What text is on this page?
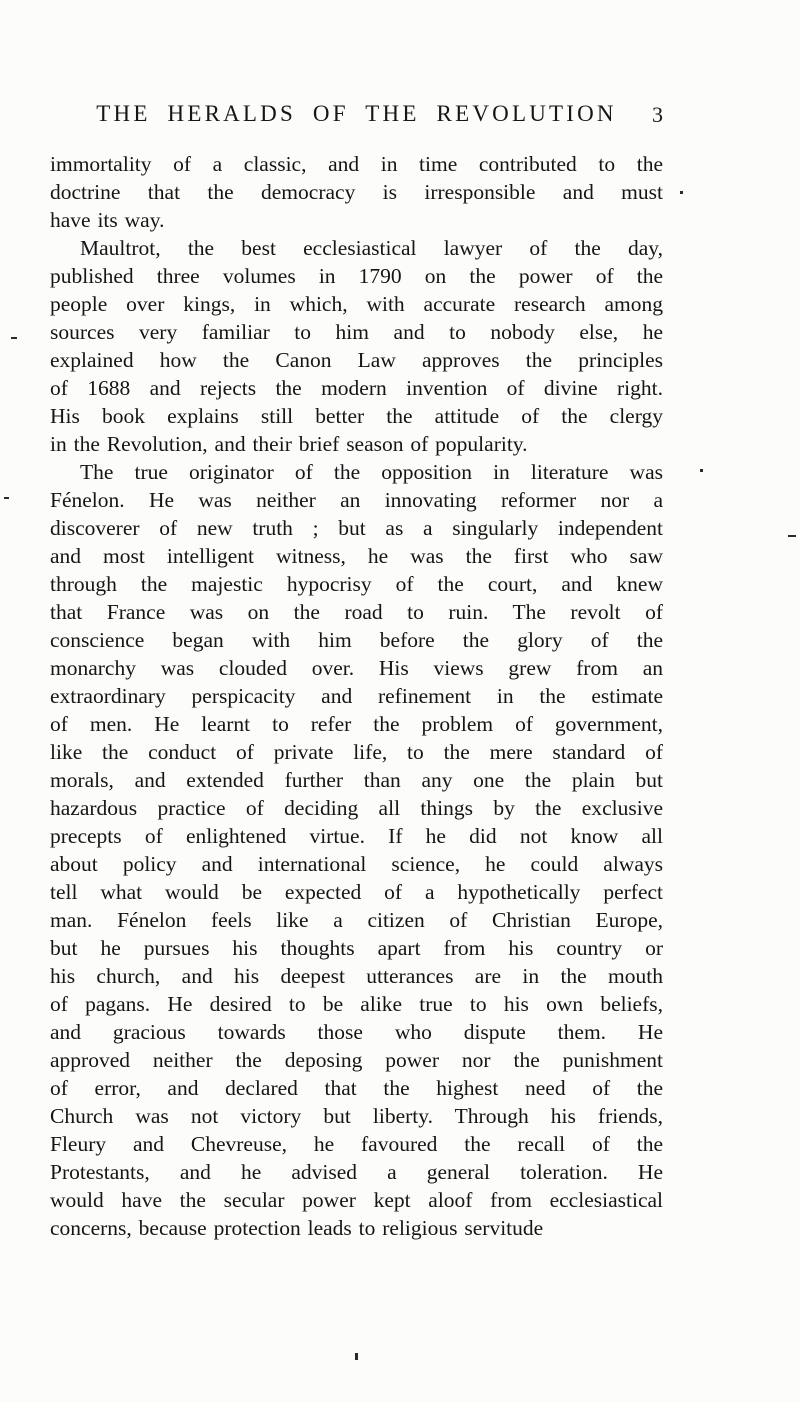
THE HERALDS OF THE REVOLUTION 3
immortality of a classic, and in time contributed to the
doctrine that the democracy is irresponsible and must
have its way.
Maultrot, the best ecclesiastical lawyer of the day,
published three volumes in 1790 on the power of the
people over kings, in which, with accurate research among
sources very familiar to him and to nobody else, he
explained how the Canon Law approves the principles
of 1688 and rejects the modern invention of divine right.
His book explains still better the attitude of the clergy
in the Revolution, and their brief season of popularity.
The true originator of the opposition in literature was
Fénelon. He was neither an innovating reformer nor a
discoverer of new truth ; but as a singularly independent
and most intelligent witness, he was the first who saw
through the majestic hypocrisy of the court, and knew
that France was on the road to ruin. The revolt of
conscience began with him before the glory of the
monarchy was clouded over. His views grew from an
extraordinary perspicacity and refinement in the estimate
of men. He learnt to refer the problem of government,
like the conduct of private life, to the mere standard of
morals, and extended further than any one the plain but
hazardous practice of deciding all things by the exclusive
precepts of enlightened virtue. If he did not know all
about policy and international science, he could always
tell what would be expected of a hypothetically perfect
man. Fénelon feels like a citizen of Christian Europe,
but he pursues his thoughts apart from his country or
his church, and his deepest utterances are in the mouth
of pagans. He desired to be alike true to his own beliefs,
and gracious towards those who dispute them. He
approved neither the deposing power nor the punishment
of error, and declared that the highest need of the
Church was not victory but liberty. Through his friends,
Fleury and Chevreuse, he favoured the recall of the
Protestants, and he advised a general toleration. He
would have the secular power kept aloof from ecclesiastical
concerns, because protection leads to religious servitude
